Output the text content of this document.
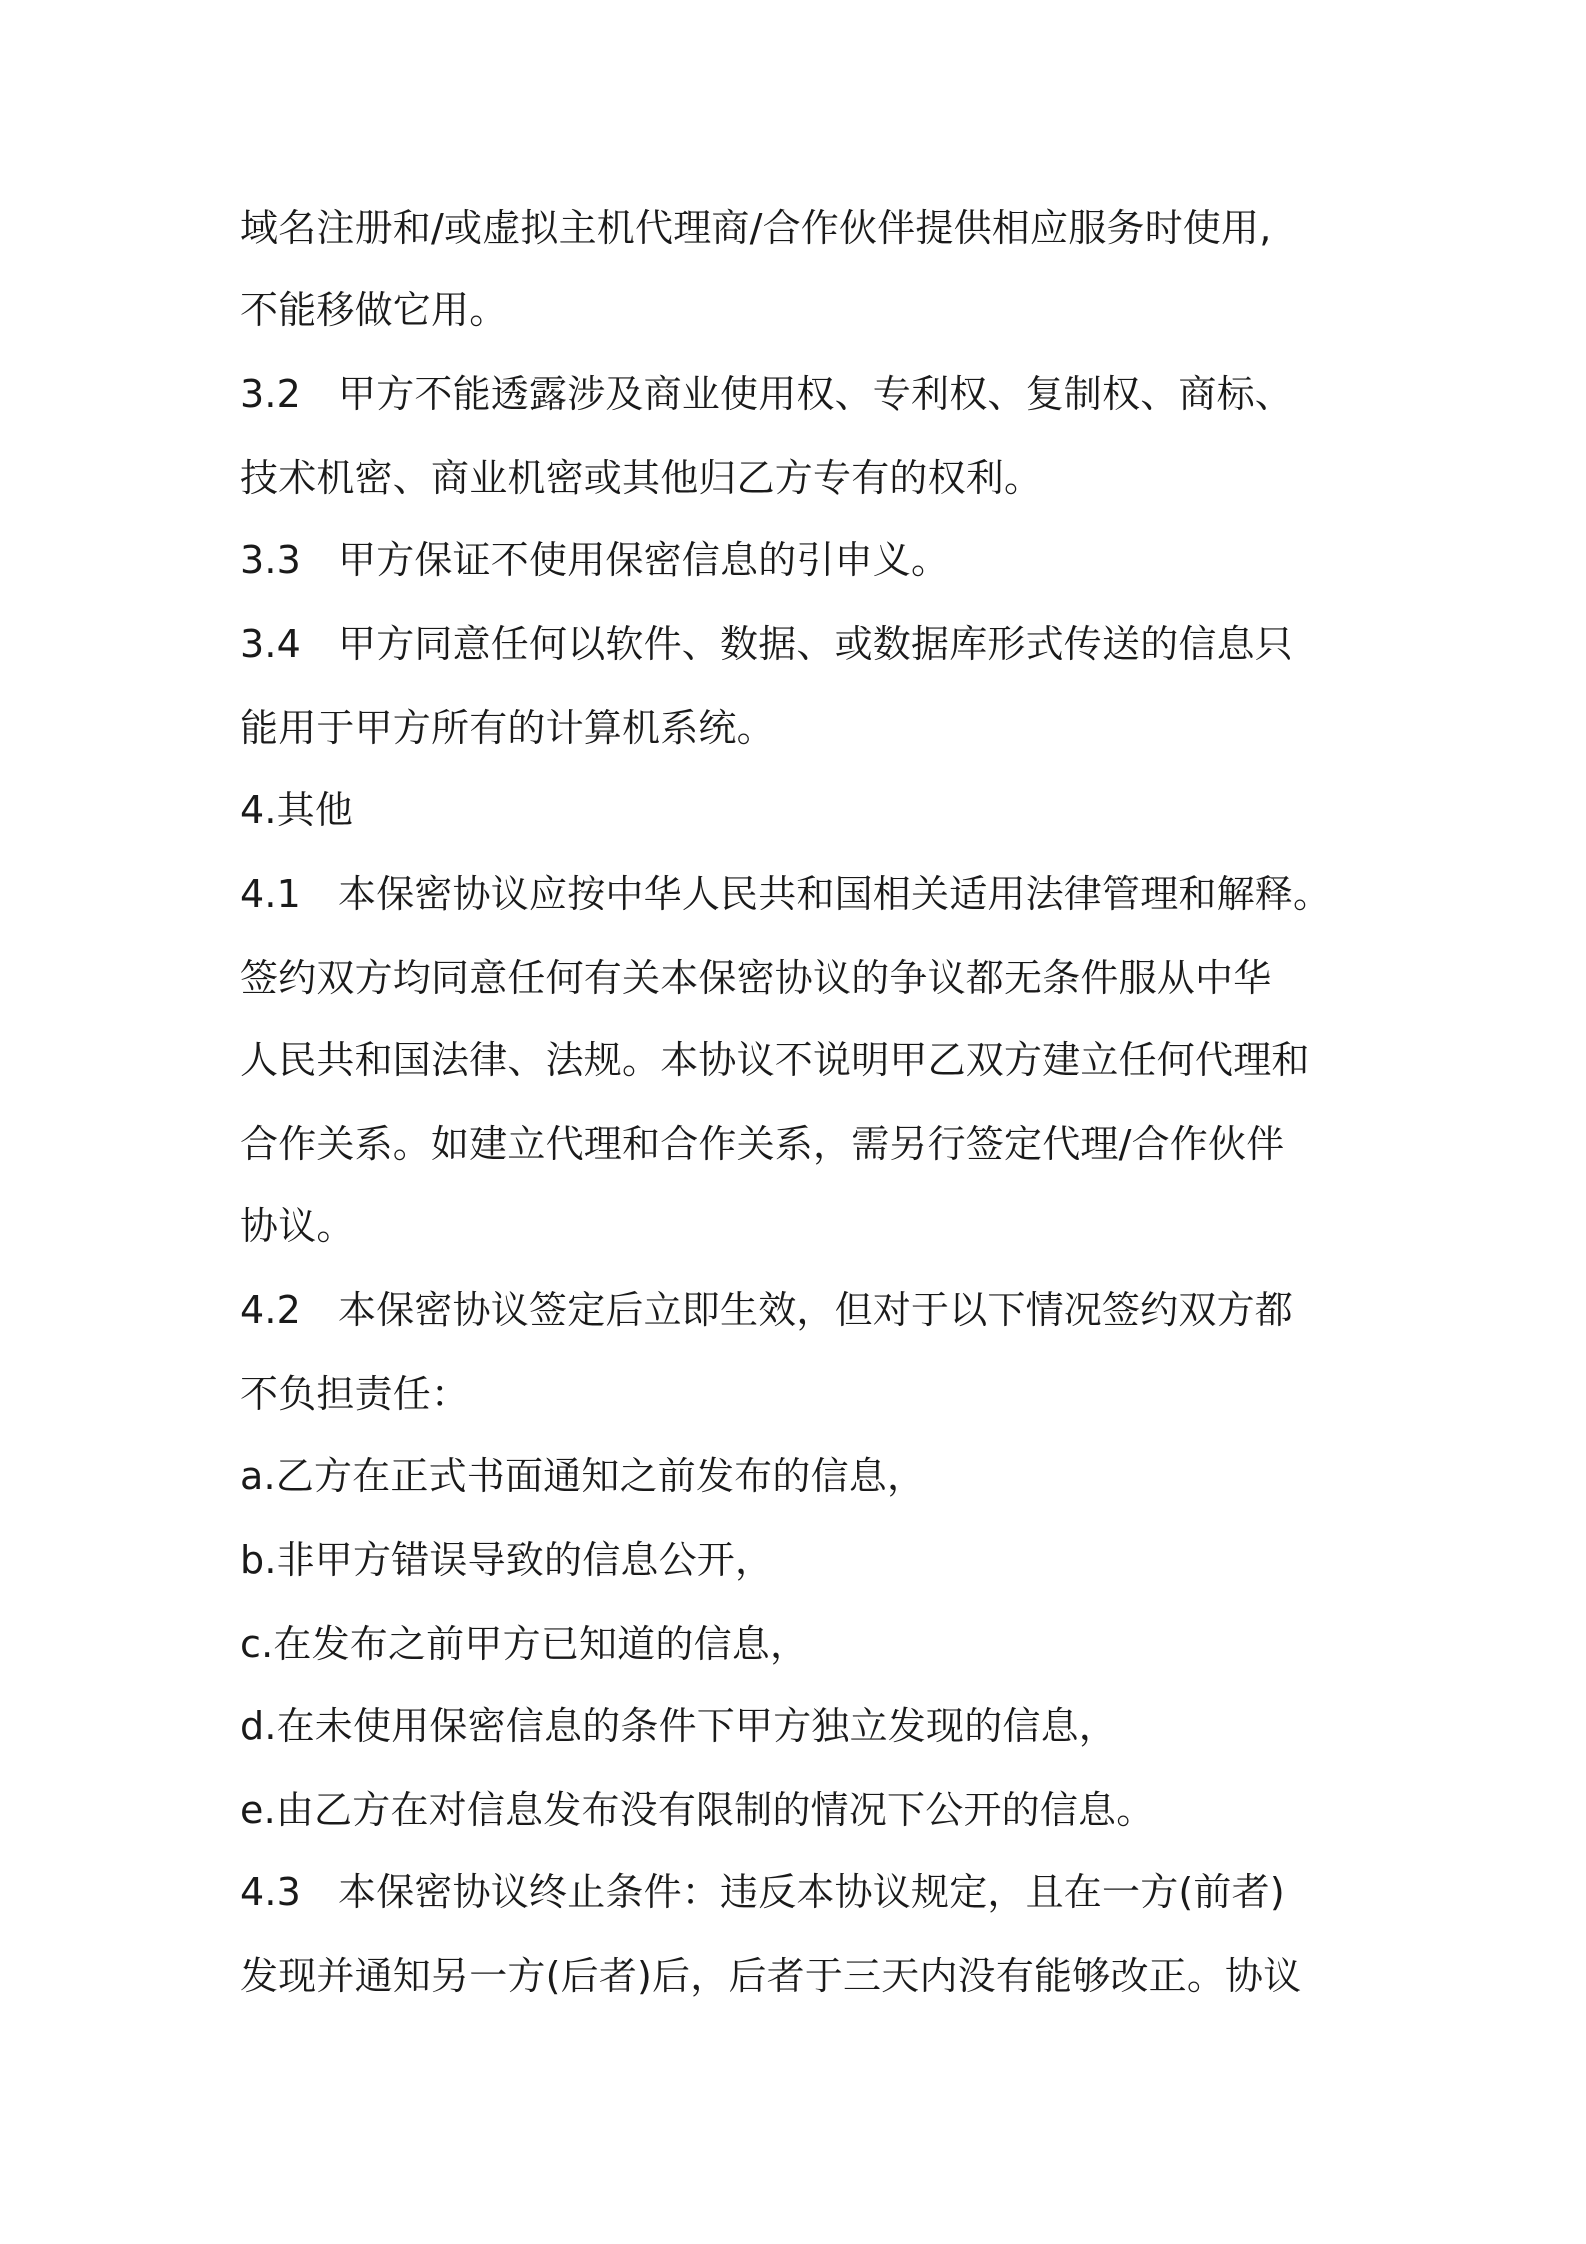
域名注册和/或虚拟主机代理商/合作伙伴提供相应服务时使用,
不能移做它用。
3.2 甲方不能透露涉及商业使用权、专利权、复制权、商标、
技术机密、商业机密或其他归乙方专有的权利。
3.3 甲方保证不使用保密信息的引申义。
3.4 甲方同意任何以软件、数据、或数据库形式传送的信息只
能用于甲方所有的计算机系统。
4.其他
4.1 本保密协议应按中华人民共和国相关适用法律管理和解释。
签约双方均同意任何有关本保密协议的争议都无条件服从中华
人民共和国法律、法规。本协议不说明甲乙双方建立任何代理和
合作关系。如建立代理和合作关系，需另行签定代理/合作伙伴
协议。
4.2 本保密协议签定后立即生效，但对于以下情况签约双方都
不负担责任：
a.乙方在正式书面通知之前发布的信息，
b.非甲方错误导致的信息公开，
c.在发布之前甲方已知道的信息，
d.在未使用保密信息的条件下甲方独立发现的信息，
e.由乙方在对信息发布没有限制的情况下公开的信息。
4.3 本保密协议终止条件：违反本协议规定，且在一方(前者)
发现并通知另一方(后者)后，后者于三天内没有能够改正。协议
